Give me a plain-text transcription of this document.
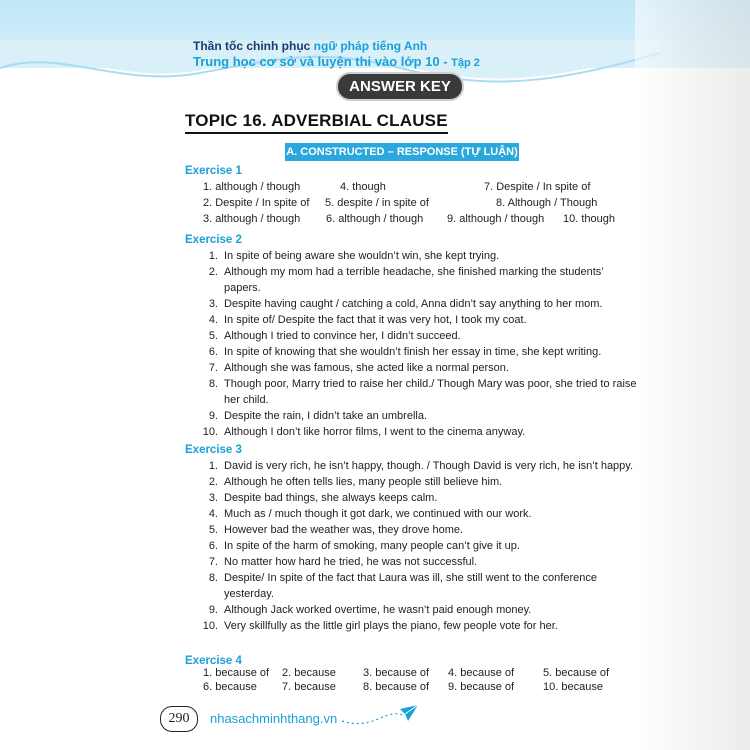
Thần tốc chinh phục ngữ pháp tiếng Anh
Trung học cơ sở và luyện thi vào lớp 10 - Tập 2
ANSWER KEY
TOPIC 16. ADVERBIAL CLAUSE
A. CONSTRUCTED – RESPONSE (TỰ LUẬN)
Exercise 1
1. although / though	4. though	7. Despite / In spite of
2. Despite / In spite of 5. despite / in spite of	8. Although / Though
3. although / though 6. although / though 9. although / though 10. though
Exercise 2
1. In spite of being aware she wouldn’t win, she kept trying.
2. Although my mom had a terrible headache, she finished marking the students’ papers.
3. Despite having caught / catching a cold, Anna didn’t say anything to her mom.
4. In spite of/ Despite the fact that it was very hot, I took my coat.
5. Although I tried to convince her, I didn’t succeed.
6. In spite of knowing that she wouldn’t finish her essay in time, she kept writing.
7. Although she was famous, she acted like a normal person.
8. Though poor, Marry tried to raise her child./ Though Mary was poor, she tried to raise her child.
9. Despite the rain, I didn’t take an umbrella.
10. Although I don’t like horror films, I went to the cinema anyway.
Exercise 3
1. David is very rich, he isn’t happy, though. / Though David is very rich, he isn’t happy.
2. Although he often tells lies, many people still believe him.
3. Despite bad things, she always keeps calm.
4. Much as / much though it got dark, we continued with our work.
5. However bad the weather was, they drove home.
6. In spite of the harm of smoking, many people can’t give it up.
7. No matter how hard he tried, he was not successful.
8. Despite/ In spite of the fact that Laura was ill, she still went to the conference yesterday.
9. Although Jack worked overtime, he wasn’t paid enough money.
10. Very skillfully as the little girl plays the piano, few people vote for her.
Exercise 4
1. because of 2. because 3. because of 4. because of	5. because of
6. because 7. because 8. because of 9. because of	10. because
290	nhasachminhthang.vn
